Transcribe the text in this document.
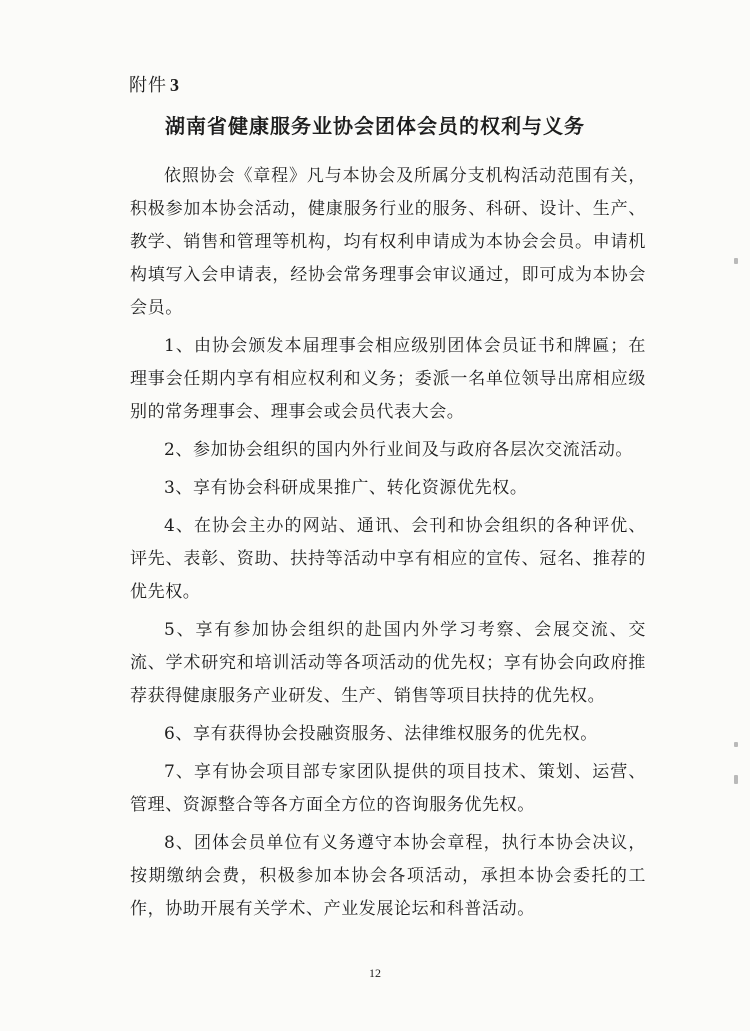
附件 3
湖南省健康服务业协会团体会员的权利与义务

依照协会《章程》凡与本协会及所属分支机构活动范围有关，积极参加本协会活动，健康服务行业的服务、科研、设计、生产、教学、销售和管理等机构，均有权利申请成为本协会会员。申请机构填写入会申请表，经协会常务理事会审议通过，即可成为本协会会员。

1、由协会颁发本届理事会相应级别团体会员证书和牌匾；在理事会任期内享有相应权利和义务；委派一名单位领导出席相应级别的常务理事会、理事会或会员代表大会。

2、参加协会组织的国内外行业间及与政府各层次交流活动。

3、享有协会科研成果推广、转化资源优先权。

4、在协会主办的网站、通讯、会刊和协会组织的各种评优、评先、表彰、资助、扶持等活动中享有相应的宣传、冠名、推荐的优先权。

5、享有参加协会组织的赴国内外学习考察、会展交流、交流、学术研究和培训活动等各项活动的优先权；享有协会向政府推荐获得健康服务产业研发、生产、销售等项目扶持的优先权。

6、享有获得协会投融资服务、法律维权服务的优先权。

7、享有协会项目部专家团队提供的项目技术、策划、运营、管理、资源整合等各方面全方位的咨询服务优先权。

8、团体会员单位有义务遵守本协会章程，执行本协会决议，按期缴纳会费，积极参加本协会各项活动，承担本协会委托的工作，协助开展有关学术、产业发展论坛和科普活动。

12
